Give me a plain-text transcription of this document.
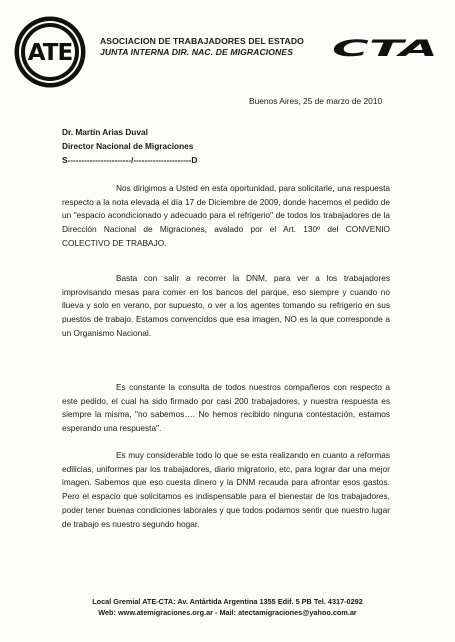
ATE	ASOCIACION DE TRABAJADORES DEL ESTADO
JUNTA INTERNA DIR. NAC. DE MIGRACIONES	CTA
Buenos Aires, 25 de marzo de 2010
Dr. Martín Arias Duval
Director Nacional de Migraciones
S-----------------------/---------------------D

Nos dirigimos a Usted en esta oportunidad, para solicitarle, una respuesta respecto a la nota elevada el día 17 de Diciembre de 2009, donde hacemos el pedido de un "espacio acondicionado y adecuado para el refrigerio" de todos los trabajadores de la Dirección Nacional de Migraciones, avalado por el Art. 130º del CONVENIO COLECTIVO DE TRABAJO.

Basta con salir a recorrer la DNM, para ver a los trabajadores improvisando mesas para comer en los bancos del parque, eso siempre y cuando no llueva y solo en verano, por supuesto, o ver a los agentes tomando su refrigerio en sus puestos de trabajo. Estamos convencidos que esa imagen, NO es la que corresponde a un Organismo Nacional.

Es constante la consulta de todos nuestros compañeros con respecto a este pedido, el cual ha sido firmado por casi 200 trabajadores, y nuestra respuesta es siempre la misma, "no sabemos…. No hemos recibido ninguna contestación, estamos esperando una respuesta".

Es muy considerable todo lo que se esta realizando en cuanto a reformas edilicias, uniformes par los trabajadores, diario migratorio, etc, para lograr dar una mejor imagen. Sabemos que eso cuesta dinero y la DNM recauda para afrontar esos gastos. Pero el espacio que solicitamos es indispensable para el bienestar de los trabajadores, poder tener buenas condiciones laborales y que todos podamos sentir que nuestro lugar de trabajo es nuestro segundo hogar.

Local Gremial ATE-CTA: Av. Antártida Argentina 1355 Edif. 5 PB Tel. 4317-0292
Web: www.atemigraciones.org.ar - Mail: atectamigraciones@yahoo.com.ar
